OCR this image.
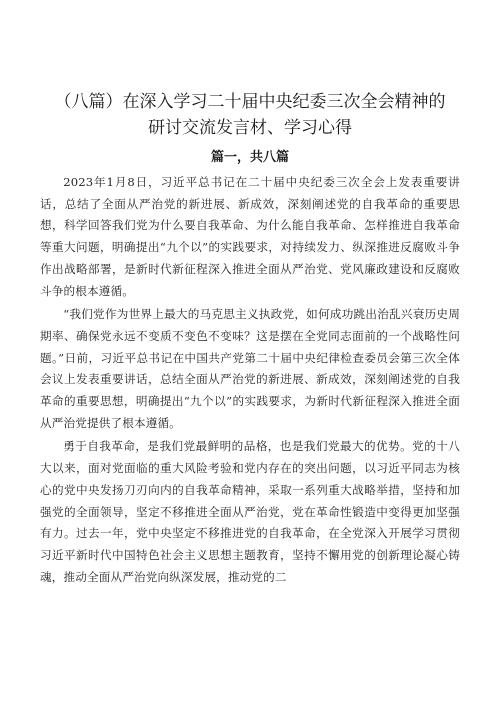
（八篇）在深入学习二十届中央纪委三次全会精神的
研讨交流发言材、学习心得
篇一，共八篇

2023年1月8日，习近平总书记在二十届中央纪委三次全会上发表重要讲话，总结了全面从严治党的新进展、新成效，深刻阐述党的自我革命的重要思想，科学回答我们党为什么要自我革命、为什么能自我革命、怎样推进自我革命等重大问题，明确提出“九个以”的实践要求，对持续发力、纵深推进反腐败斗争作出战略部署，是新时代新征程深入推进全面从严治党、党风廉政建设和反腐败斗争的根本遵循。

“我们党作为世界上最大的马克思主义执政党，如何成功跳出治乱兴衰历史周期率、确保党永远不变质不变色不变味？这是摆在全党同志面前的一个战略性问题。”日前，习近平总书记在中国共产党第二十届中央纪律检查委员会第三次全体会议上发表重要讲话，总结全面从严治党的新进展、新成效，深刻阐述党的自我革命的重要思想，明确提出“九个以”的实践要求，为新时代新征程深入推进全面从严治党提供了根本遵循。

勇于自我革命，是我们党最鲜明的品格，也是我们党最大的优势。党的十八大以来，面对党面临的重大风险考验和党内存在的突出问题，以习近平同志为核心的党中央发扬刀刃向内的自我革命精神，采取一系列重大战略举措，坚持和加强党的全面领导，坚定不移推进全面从严治党，党在革命性锻造中变得更加坚强有力。过去一年，党中央坚定不移推进党的自我革命，在全党深入开展学习贯彻习近平新时代中国特色社会主义思想主题教育，坚持不懈用党的创新理论凝心铸魂，推动全面从严治党向纵深发展，推动党的二
